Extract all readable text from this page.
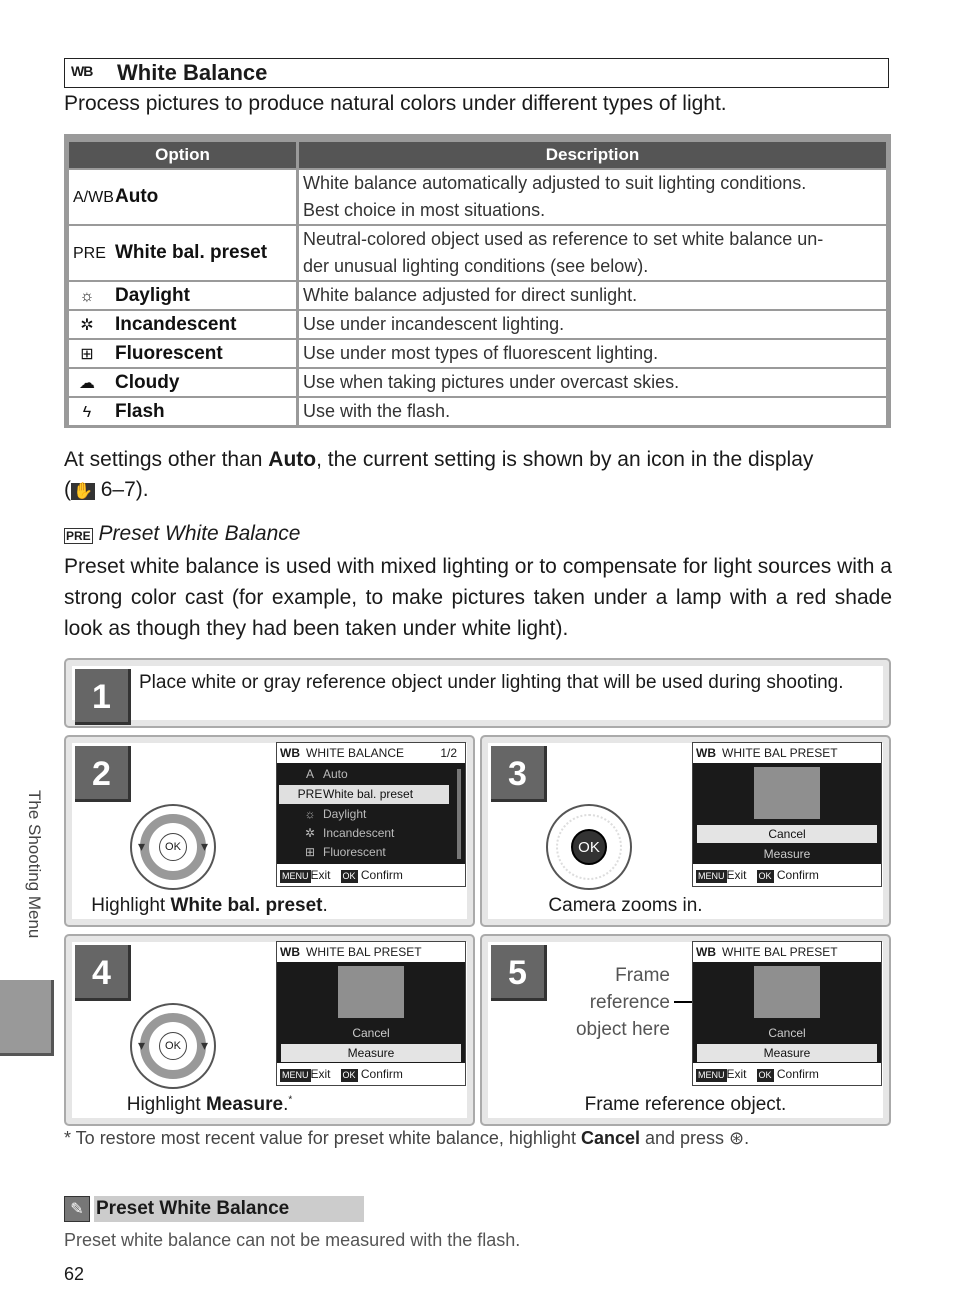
WB White Balance
Process pictures to produce natural colors under different types of light.
Option	Description
A/WBAuto	White balance automatically adjusted to suit lighting conditions.
Best choice in most situations.

PRE White bal. preset	Neutral-colored object used as reference to set white balance un-
der unusual lighting conditions (see below).

☼ Daylight	White balance adjusted for direct sunlight.
✲ Incandescent	Use under incandescent lighting.
⊞ Fluorescent	Use under most types of fluorescent lighting.
☁ Cloudy	Use when taking pictures under overcast skies.
ϟ Flash	Use with the flash.
At settings other than Auto, the current setting is shown by an icon in the display
( ✋ 6–7).
PRE Preset White Balance
Preset white balance is used with mixed lighting or to compensate for light sources with a strong color cast (for example, to make pictures taken under a lamp with a red shade look as though they had been taken under white light).
1	Place white or gray reference object under lighting that will be used during shooting.
2
▾	▾
OK
WB WHITE BALANCE	1/2
A Auto
PREWhite bal. preset
☼ Daylight
✲ Incandescent
⊞ Fluorescent
MENU Exit OK Confirm
Highlight White bal. preset.
3
OK
WB WHITE BAL PRESET
Cancel
Measure
MENU Exit OK Confirm
Camera zooms in.
4
▾	▾
OK
WB WHITE BAL PRESET
Cancel
Measure
MENU Exit OK Confirm
Highlight Measure.*
5	Frame
reference
object here
WB WHITE BAL PRESET
Cancel
Measure
MENU Exit OK Confirm
Frame reference object.
The Shooting Menu
* To restore most recent value for preset white balance, highlight Cancel and press ⊛.
✎ Preset White Balance
Preset white balance can not be measured with the flash.
62
